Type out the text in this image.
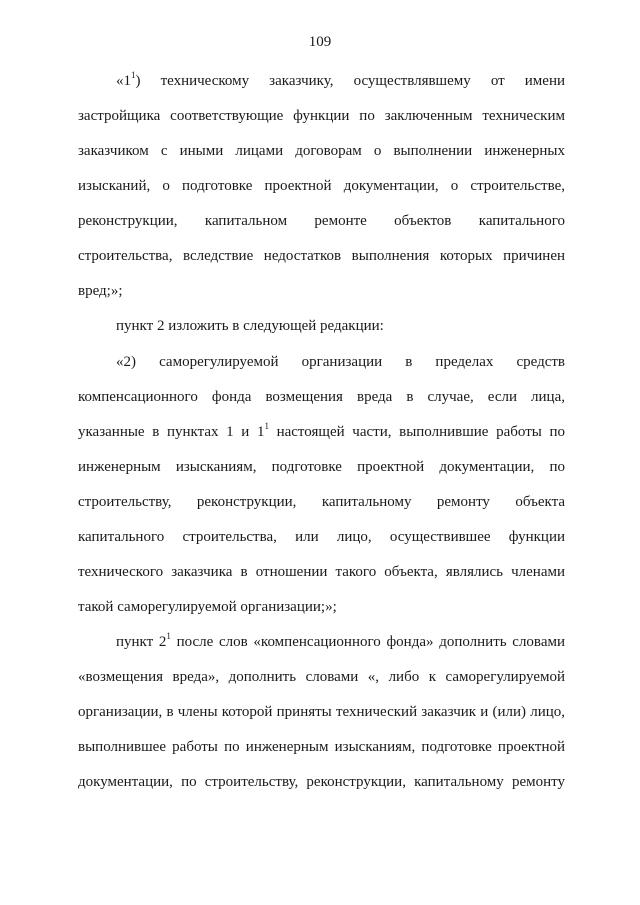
109
«$1^1$) техническому заказчику, осуществлявшему от имени
застройщика соответствующие функции по заключенным техническим
заказчиком с иными лицами договорам о выполнении инженерных
изысканий, о подготовке проектной документации, о строительстве,
реконструкции, капитальном ремонте объектов капитального
строительства, вследствие недостатков выполнения которых причинен
вред;»;
пункт 2 изложить в следующей редакции:
«2) саморегулируемой организации в пределах средств
компенсационного фонда возмещения вреда в случае, если лица,
указанные в пунктах 1 и $1^1$ настоящей части, выполнившие работы по
инженерным изысканиям, подготовке проектной документации, по
строительству, реконструкции, капитальному ремонту объекта
капитального строительства, или лицо, осуществившее функции
технического заказчика в отношении такого объекта, являлись членами
такой саморегулируемой организации;»;
пункт $2^1$ после слов «компенсационного фонда» дополнить словами
«возмещения вреда», дополнить словами «, либо к саморегулируемой
организации, в члены которой приняты технический заказчик и (или) лицо,
выполнившее работы по инженерным изысканиям, подготовке проектной
документации, по строительству, реконструкции, капитальному ремонту
